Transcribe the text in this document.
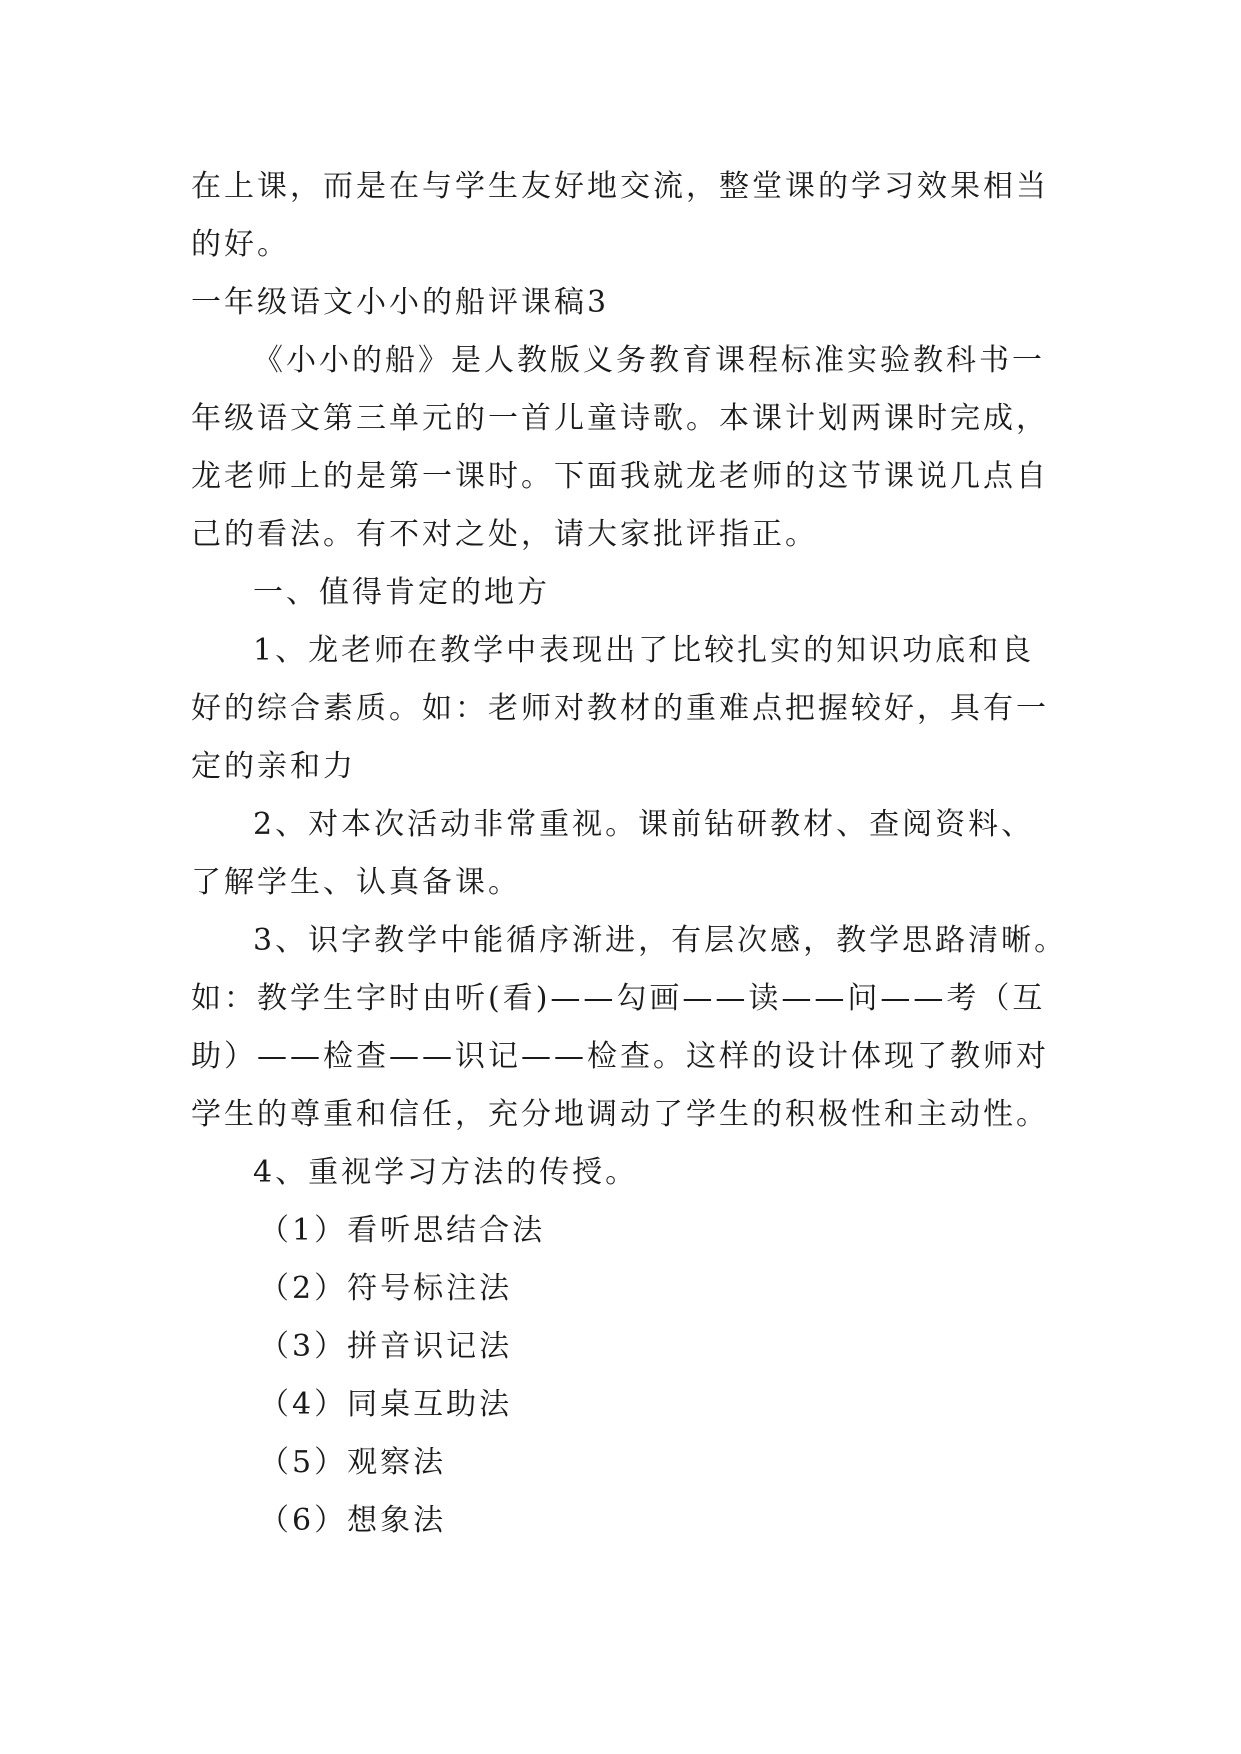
在上课，而是在与学生友好地交流，整堂课的学习效果相当
的好。
一年级语文小小的船评课稿3
《小小的船》是人教版义务教育课程标准实验教科书一
年级语文第三单元的一首儿童诗歌。本课计划两课时完成，
龙老师上的是第一课时。下面我就龙老师的这节课说几点自
己的看法。有不对之处，请大家批评指正。
一、值得肯定的地方
1、龙老师在教学中表现出了比较扎实的知识功底和良
好的综合素质。如：老师对教材的重难点把握较好，具有一
定的亲和力
2、对本次活动非常重视。课前钻研教材、查阅资料、
了解学生、认真备课。
3、识字教学中能循序渐进，有层次感，教学思路清晰。
如：教学生字时由听(看)——勾画——读——问——考（互
助）——检查——识记——检查。这样的设计体现了教师对
学生的尊重和信任，充分地调动了学生的积极性和主动性。
4、重视学习方法的传授。
（1）看听思结合法
（2）符号标注法
（3）拼音识记法
（4）同桌互助法
（5）观察法
（6）想象法
